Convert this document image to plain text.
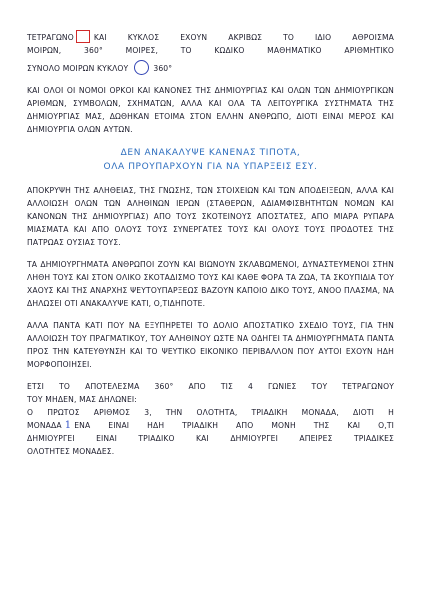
ΤΕΤΡΑΓΩΝΟ	ΚΑΙ ΚΥΚΛΟΣ ΕΧΟΥΝ ΑΚΡΙΒΩΣ ΤΟ ΙΔΙΟ ΑΘΡΟΙΣΜΑ
ΜΟΙΡΩΝ, 360° ΜΟΙΡΕΣ, ΤΟ ΚΩΔΙΚΟ ΜΑΘΗΜΑΤΙΚΟ ΑΡΙΘΜΗΤΙΚΟ
ΣΥΝΟΛΟ ΜΟΙΡΩΝ ΚΥΚΛΟΥ	360°

ΚΑΙ ΟΛΟΙ ΟΙ ΝΟΜΟΙ ΟΡΚΟΙ ΚΑΙ ΚΑΝΟΝΕΣ ΤΗΣ ΔΗΜΙΟΥΡΓΙΑΣ ΚΑΙ ΟΛΩΝ ΤΩΝ ΔΗΜΙΟΥΡΓΙΚΩΝ ΑΡΙΘΜΩΝ, ΣΥΜΒΟΛΩΝ, ΣΧΗΜΑΤΩΝ, ΑΛΛΑ ΚΑΙ ΟΛΑ ΤΑ ΛΕΙΤΟΥΡΓΙΚΑ ΣΥΣΤΗΜΑΤΑ ΤΗΣ ΔΗΜΙΟΥΡΓΙΑΣ ΜΑΣ, ΔΩΘΗΚΑΝ ΕΤΟΙΜΑ ΣΤΟΝ ΕΛΛΗΝ ΑΝΘΡΩΠΟ, ΔΙΟΤΙ ΕΙΝΑΙ ΜΕΡΟΣ ΚΑΙ ΔΗΜΙΟΥΡΓΙΑ ΟΛΩΝ ΑΥΤΩΝ.

ΔΕΝ ΑΝΑΚΑΛΥΨΕ ΚΑΝΕΝΑΣ ΤΙΠΟΤΑ,
ΟΛΑ ΠΡΟΥΠΑΡΧΟΥΝ ΓΙΑ ΝΑ ΥΠΑΡΞΕΙΣ ΕΣΥ.

ΑΠΟΚΡΥΨΗ ΤΗΣ ΑΛΗΘΕΙΑΣ, ΤΗΣ ΓΝΩΣΗΣ, ΤΩΝ ΣΤΟΙΧΕΙΩΝ ΚΑΙ ΤΩΝ ΑΠΟΔΕΙΞΕΩΝ, ΑΛΛΑ ΚΑΙ ΑΛΛΟΙΩΣΗ ΟΛΩΝ ΤΩΝ ΑΛΗΘΙΝΩΝ ΙΕΡΩΝ (ΣΤΑΘΕΡΩΝ, ΑΔΙΑΜΦΙΣΒΗΤΗΤΩΝ ΝΟΜΩΝ ΚΑΙ ΚΑΝΟΝΩΝ ΤΗΣ ΔΗΜΙΟΥΡΓΙΑΣ) ΑΠΟ ΤΟΥΣ ΣΚΟΤΕΙΝΟΥΣ ΑΠΟΣΤΑΤΕΣ, ΑΠΟ ΜΙΑΡΑ ΡΥΠΑΡΑ ΜΙΑΣΜΑΤΑ ΚΑΙ ΑΠΟ ΟΛΟΥΣ ΤΟΥΣ ΣΥΝΕΡΓΑΤΕΣ ΤΟΥΣ ΚΑΙ ΟΛΟΥΣ ΤΟΥΣ ΠΡΟΔΟΤΕΣ ΤΗΣ ΠΑΤΡΩΑΣ ΟΥΣΙΑΣ ΤΟΥΣ.

ΤΑ ΔΗΜΙΟΥΡΓΗΜΑΤΑ ΑΝΘΡΩΠΟΙ ΖΟΥΝ ΚΑΙ ΒΙΩΝΟΥΝ ΣΚΛΑΒΩΜΕΝΟΙ, ΔΥΝΑΣΤΕΥΜΕΝΟΙ ΣΤΗΝ ΛΗΘΗ ΤΟΥΣ ΚΑΙ ΣΤΟΝ ΟΛΙΚΟ ΣΚΟΤΑΔΙΣΜΟ ΤΟΥΣ ΚΑΙ ΚΑΘΕ ΦΟΡΑ ΤΑ ΖΩΑ, ΤΑ ΣΚΟΥΠΙΔΙΑ ΤΟΥ ΧΑΟΥΣ ΚΑΙ ΤΗΣ ΑΝΑΡΧΗΣ ΨΕΥΤΟΥΠΑΡΞΕΩΣ ΒΑΖΟΥΝ ΚΑΠΟΙΟ ΔΙΚΟ ΤΟΥΣ, ΑΝΟΟ ΠΛΑΣΜΑ, ΝΑ ΔΗΛΩΣΕΙ ΟΤΙ ΑΝΑΚΑΛΥΨΕ ΚΑΤΙ, Ο,ΤΙΔΗΠΟΤΕ.

ΑΛΛΑ ΠΑΝΤΑ ΚΑΤΙ ΠΟΥ ΝΑ ΕΞΥΠΗΡΕΤΕΙ ΤΟ ΔΟΛΙΟ ΑΠΟΣΤΑΤΙΚΟ ΣΧΕΔΙΟ ΤΟΥΣ, ΓΙΑ ΤΗΝ ΑΛΛΟΙΩΣΗ ΤΟΥ ΠΡΑΓΜΑΤΙΚΟΥ, ΤΟΥ ΑΛΗΘΙΝΟΥ ΩΣΤΕ ΝΑ ΟΔΗΓΕΙ ΤΑ ΔΗΜΙΟΥΡΓΗΜΑΤΑ ΠΑΝΤΑ ΠΡΟΣ ΤΗΝ ΚΑΤΕΥΘΥΝΣΗ ΚΑΙ ΤΟ ΨΕΥΤΙΚΟ ΕΙΚΟΝΙΚΟ ΠΕΡΙΒΑΛΛΟΝ ΠΟΥ ΑΥΤΟΙ ΕΧΟΥΝ ΗΔΗ ΜΟΡΦΟΠΟΙΗΣΕΙ.

ΕΤΣΙ ΤΟ ΑΠΟΤΕΛΕΣΜΑ 360° ΑΠΟ ΤΙΣ 4 ΓΩΝΙΕΣ ΤΟΥ ΤΕΤΡΑΓΩΝΟΥ
ΤΟΥ ΜΗΔΕΝ, ΜΑΣ ΔΗΛΩΝΕΙ:
Ο ΠΡΩΤΟΣ ΑΡΙΘΜΟΣ 3, ΤΗΝ ΟΛΟΤΗΤΑ, ΤΡΙΑΔΙΚΗ ΜΟΝΑΔΑ, ΔΙΟΤΙ Η
ΜΟΝΑΔΑ 1 ΕΝΑ ΕΙΝΑΙ ΗΔΗ ΤΡΙΑΔΙΚΗ ΑΠΟ ΜΟΝΗ ΤΗΣ ΚΑΙ Ο,ΤΙ
ΔΗΜΙΟΥΡΓΕΙ ΕΙΝΑΙ ΤΡΙΑΔΙΚΟ ΚΑΙ ΔΗΜΙΟΥΡΓΕΙ ΑΠΕΙΡΕΣ ΤΡΙΑΔΙΚΕΣ
ΟΛΟΤΗΤΕΣ ΜΟΝΑΔΕΣ.
